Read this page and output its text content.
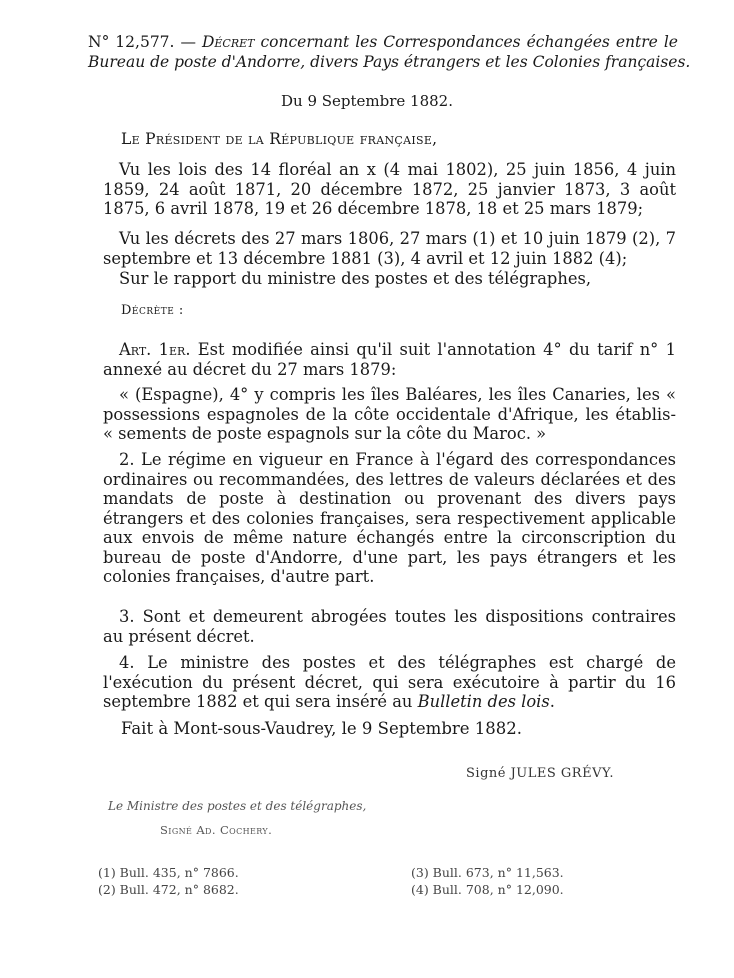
N° 12,577. — Décret concernant les Correspondances échangées entre le
Bureau de poste d'Andorre, divers Pays étrangers et les Colonies françaises.
Du 9 Septembre 1882.
Le Président de la République française,
Vu les lois des 14 floréal an x (4 mai 1802), 25 juin 1856, 4 juin 1859, 24 août 1871, 20 décembre 1872, 25 janvier 1873, 3 août 1875, 6 avril 1878, 19 et 26 décembre 1878, 18 et 25 mars 1879;
Vu les décrets des 27 mars 1806, 27 mars (1) et 10 juin 1879 (2), 7 septembre et 13 décembre 1881 (3), 4 avril et 12 juin 1882 (4);
Sur le rapport du ministre des postes et des télégraphes,
Décrète :
Art. 1er. Est modifiée ainsi qu'il suit l'annotation 4° du tarif n° 1 annexé au décret du 27 mars 1879:
« (Espagne), 4° y compris les îles Baléares, les îles Canaries, les « possessions espagnoles de la côte occidentale d'Afrique, les établis- « sements de poste espagnols sur la côte du Maroc. »
2. Le régime en vigueur en France à l'égard des correspondances ordinaires ou recommandées, des lettres de valeurs déclarées et des mandats de poste à destination ou provenant des divers pays étrangers et des colonies françaises, sera respectivement applicable aux envois de même nature échangés entre la circonscription du bureau de poste d'Andorre, d'une part, les pays étrangers et les colonies françaises, d'autre part.
3. Sont et demeurent abrogées toutes les dispositions contraires au présent décret.
4. Le ministre des postes et des télégraphes est chargé de l'exécution du présent décret, qui sera exécutoire à partir du 16 septembre 1882 et qui sera inséré au Bulletin des lois.
Fait à Mont-sous-Vaudrey, le 9 Septembre 1882.
Signé JULES GRÉVY.
Le Ministre des postes et des télégraphes,
Signé Ad. Cochery.
(1) Bull. 435, n° 7866.
(2) Bull. 472, n° 8682.
(3) Bull. 673, n° 11,563.
(4) Bull. 708, n° 12,090.
